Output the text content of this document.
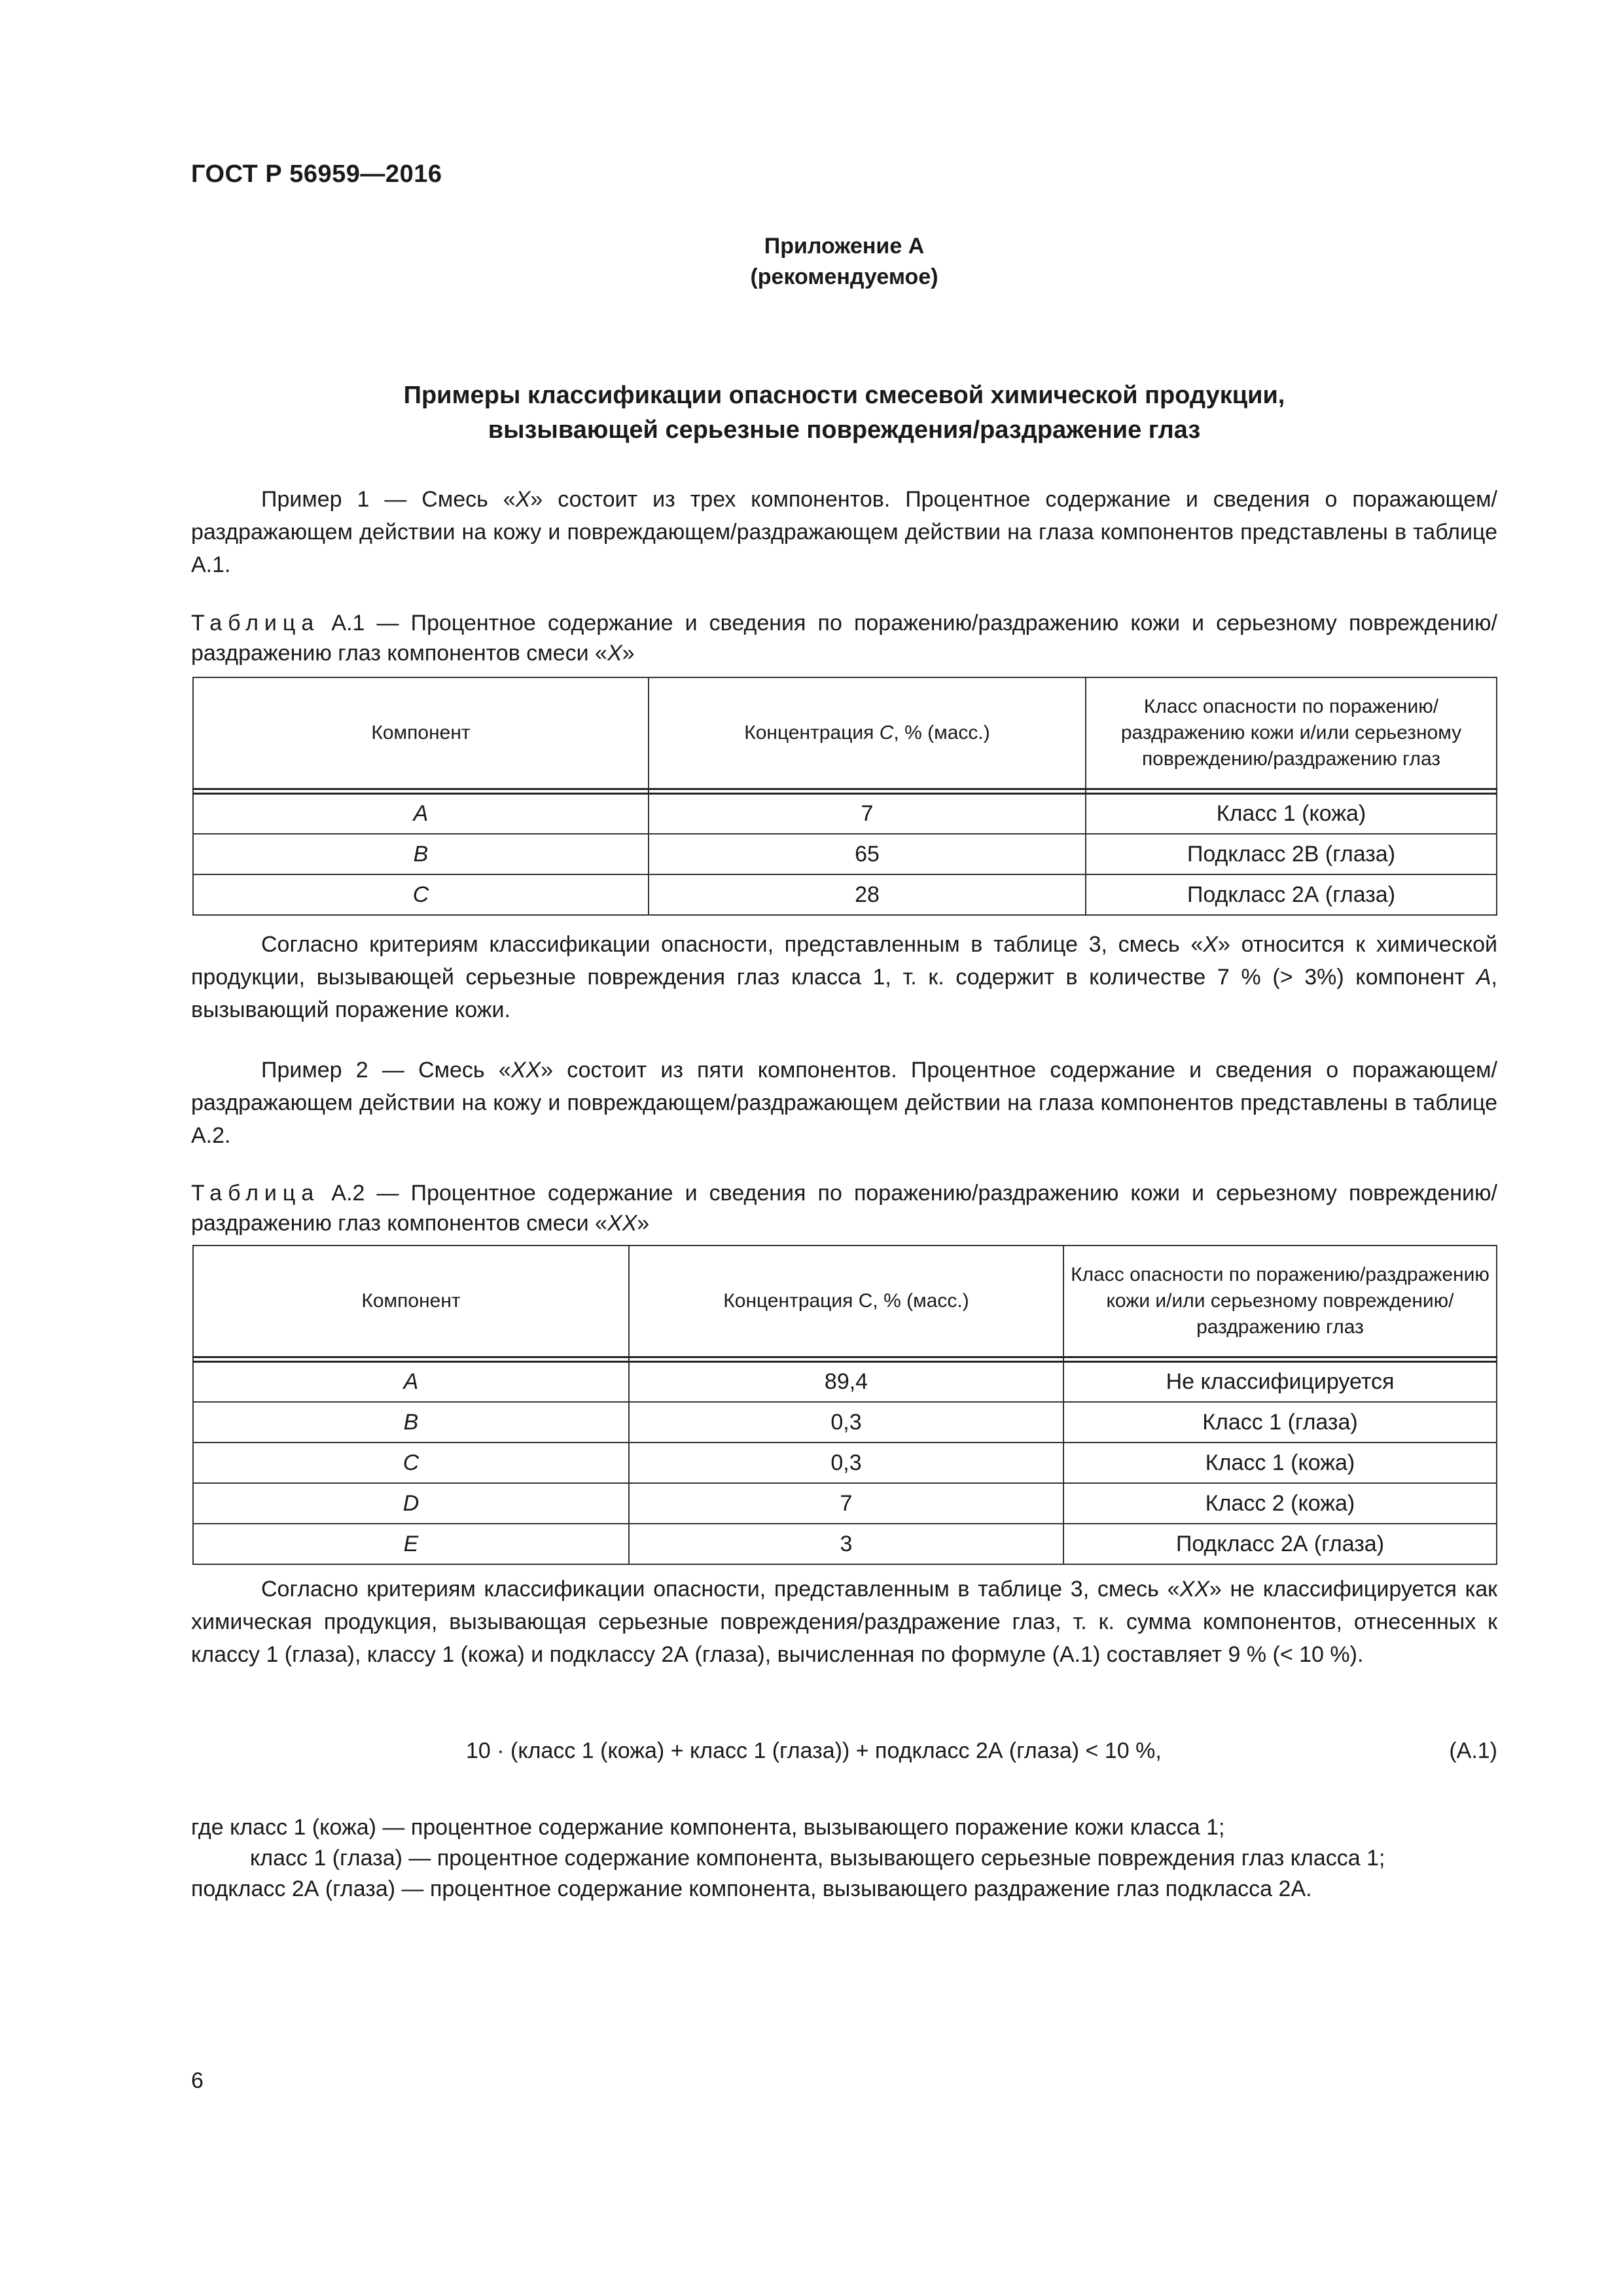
ГОСТ Р 56959—2016
Приложение А
(рекомендуемое)
Примеры классификации опасности смесевой химической продукции,
вызывающей серьезные повреждения/раздражение глаз

Пример 1 — Смесь «X» состоит из трех компонентов. Процентное содержание и сведения о поражающем/раздражающем действии на кожу и повреждающем/раздражающем действии на глаза компонентов представлены в таблице А.1.

Таблица А.1 — Процентное содержание и сведения по поражению/раздражению кожи и серьезному повреждению/раздражению глаз компонентов смеси «X»

Компонент	Концентрация C, % (масс.)	Класс опасности по поражению/раздражению кожи и/или серьезному повреждению/раздражению глаз

A	7	Класс 1 (кожа)
B	65	Подкласс 2В (глаза)
C	28	Подкласс 2А (глаза)

Согласно критериям классификации опасности, представленным в таблице 3, смесь «X» относится к химической продукции, вызывающей серьезные повреждения глаз класса 1, т. к. содержит в количестве 7 % (> 3%) компонент A, вызывающий поражение кожи.

Пример 2 — Смесь «XX» состоит из пяти компонентов. Процентное содержание и сведения о поражающем/раздражающем действии на кожу и повреждающем/раздражающем действии на глаза компонентов представлены в таблице А.2.

Таблица А.2 — Процентное содержание и сведения по поражению/раздражению кожи и серьезному повреждению/раздражению глаз компонентов смеси «XX»

Компонент	Концентрация С, % (масс.)	Класс опасности по поражению/раздражению кожи и/или серьезному повреждению/раздражению глаз

A	89,4	Не классифицируется
B	0,3	Класс 1 (глаза)
C	0,3	Класс 1 (кожа)
D	7	Класс 2 (кожа)
E	3	Подкласс 2А (глаза)

Согласно критериям классификации опасности, представленным в таблице 3, смесь «XX» не классифицируется как химическая продукция, вызывающая серьезные повреждения/раздражение глаз, т. к. сумма компонентов, отнесенных к классу 1 (глаза), классу 1 (кожа) и подклассу 2А (глаза), вычисленная по формуле (А.1) составляет 9 % (< 10 %).

10 · (класс 1 (кожа) + класс 1 (глаза)) + подкласс 2А (глаза) < 10 %,	(А.1)
где класс 1 (кожа) — процентное содержание компонента, вызывающего поражение кожи класса 1;
класс 1 (глаза) — процентное содержание компонента, вызывающего серьезные повреждения глаз класса 1;
подкласс 2А (глаза) — процентное содержание компонента, вызывающего раздражение глаз подкласса 2А.
6
